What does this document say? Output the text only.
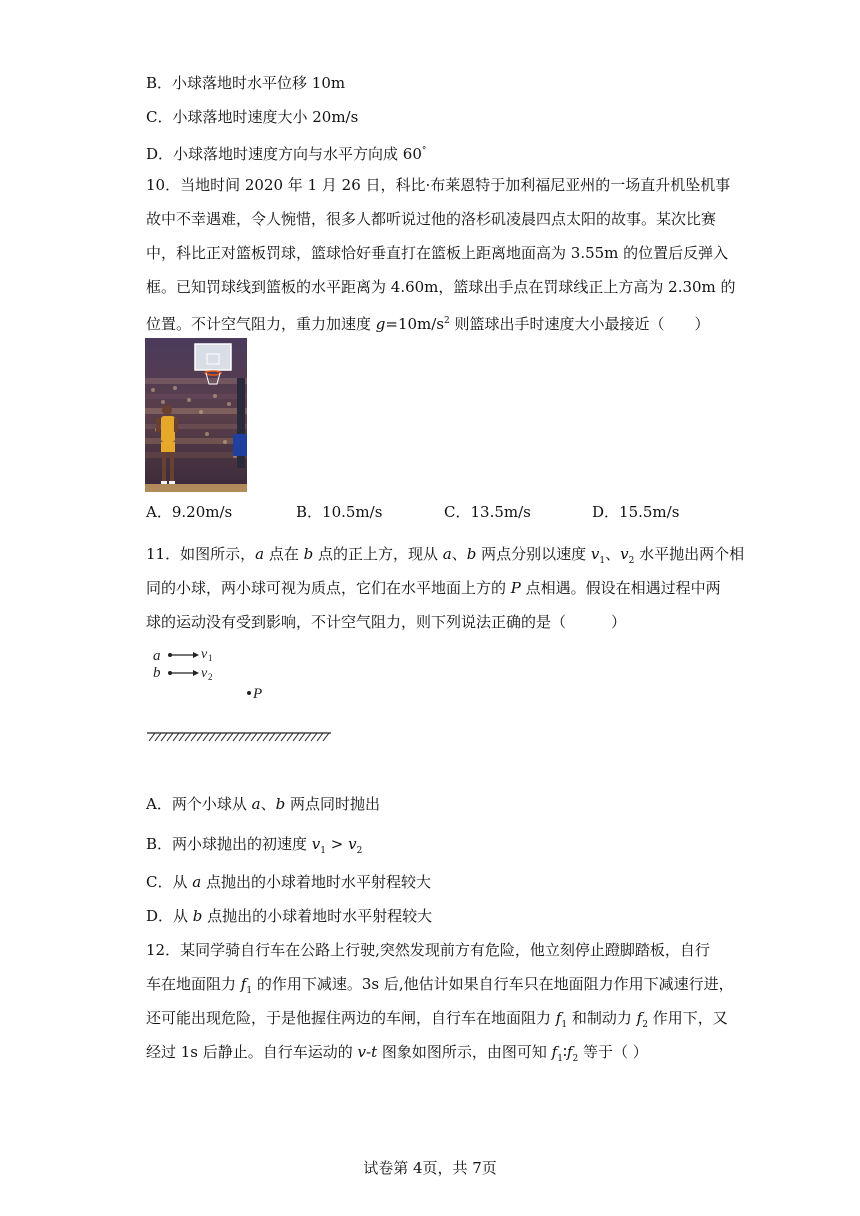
B．小球落地时水平位移 10m
C．小球落地时速度大小 20m/s
D．小球落地时速度方向与水平方向成 60°
10．当地时间 2020 年 1 月 26 日，科比·布莱恩特于加利福尼亚州的一场直升机坠机事
故中不幸遇难，令人惋惜，很多人都听说过他的洛杉矶凌晨四点太阳的故事。某次比赛
中，科比正对篮板罚球，篮球恰好垂直打在篮板上距离地面高为 3.55m 的位置后反弹入
框。已知罚球线到篮板的水平距离为 4.60m，篮球出手点在罚球线正上方高为 2.30m 的
位置。不计空气阻力，重力加速度 $g=10m/s^2$ 则篮球出手时速度大小最接近（　　）
A．9.20m/s	B．10.5m/s	C．13.5m/s	D．15.5m/s
11．如图所示，a 点在 b 点的正上方，现从 a、b 两点分别以速度 $v_1$、$v_2$ 水平抛出两个相
同的小球，两小球可视为质点，它们在水平地面上方的 P 点相遇。假设在相遇过程中两
球的运动没有受到影响，不计空气阻力，则下列说法正确的是（　　　）
a
b
v 1
v 2
P
A．两个小球从 a、b 两点同时抛出
B．两小球抛出的初速度 $v_1 > v_2$
C．从 a 点抛出的小球着地时水平射程较大
D．从 b 点抛出的小球着地时水平射程较大
12．某同学骑自行车在公路上行驶,突然发现前方有危险，他立刻停止蹬脚踏板，自行
车在地面阻力 $f_1$ 的作用下减速。3s 后,他估计如果自行车只在地面阻力作用下减速行进，
还可能出现危险，于是他握住两边的车闸，自行车在地面阻力 $f_1$ 和制动力 $f_2$ 作用下，又
经过 1s 后静止。自行车运动的 v-t 图象如图所示，由图可知 $f_1∶f_2$ 等于（ ）
试卷第 4页，共 7页
